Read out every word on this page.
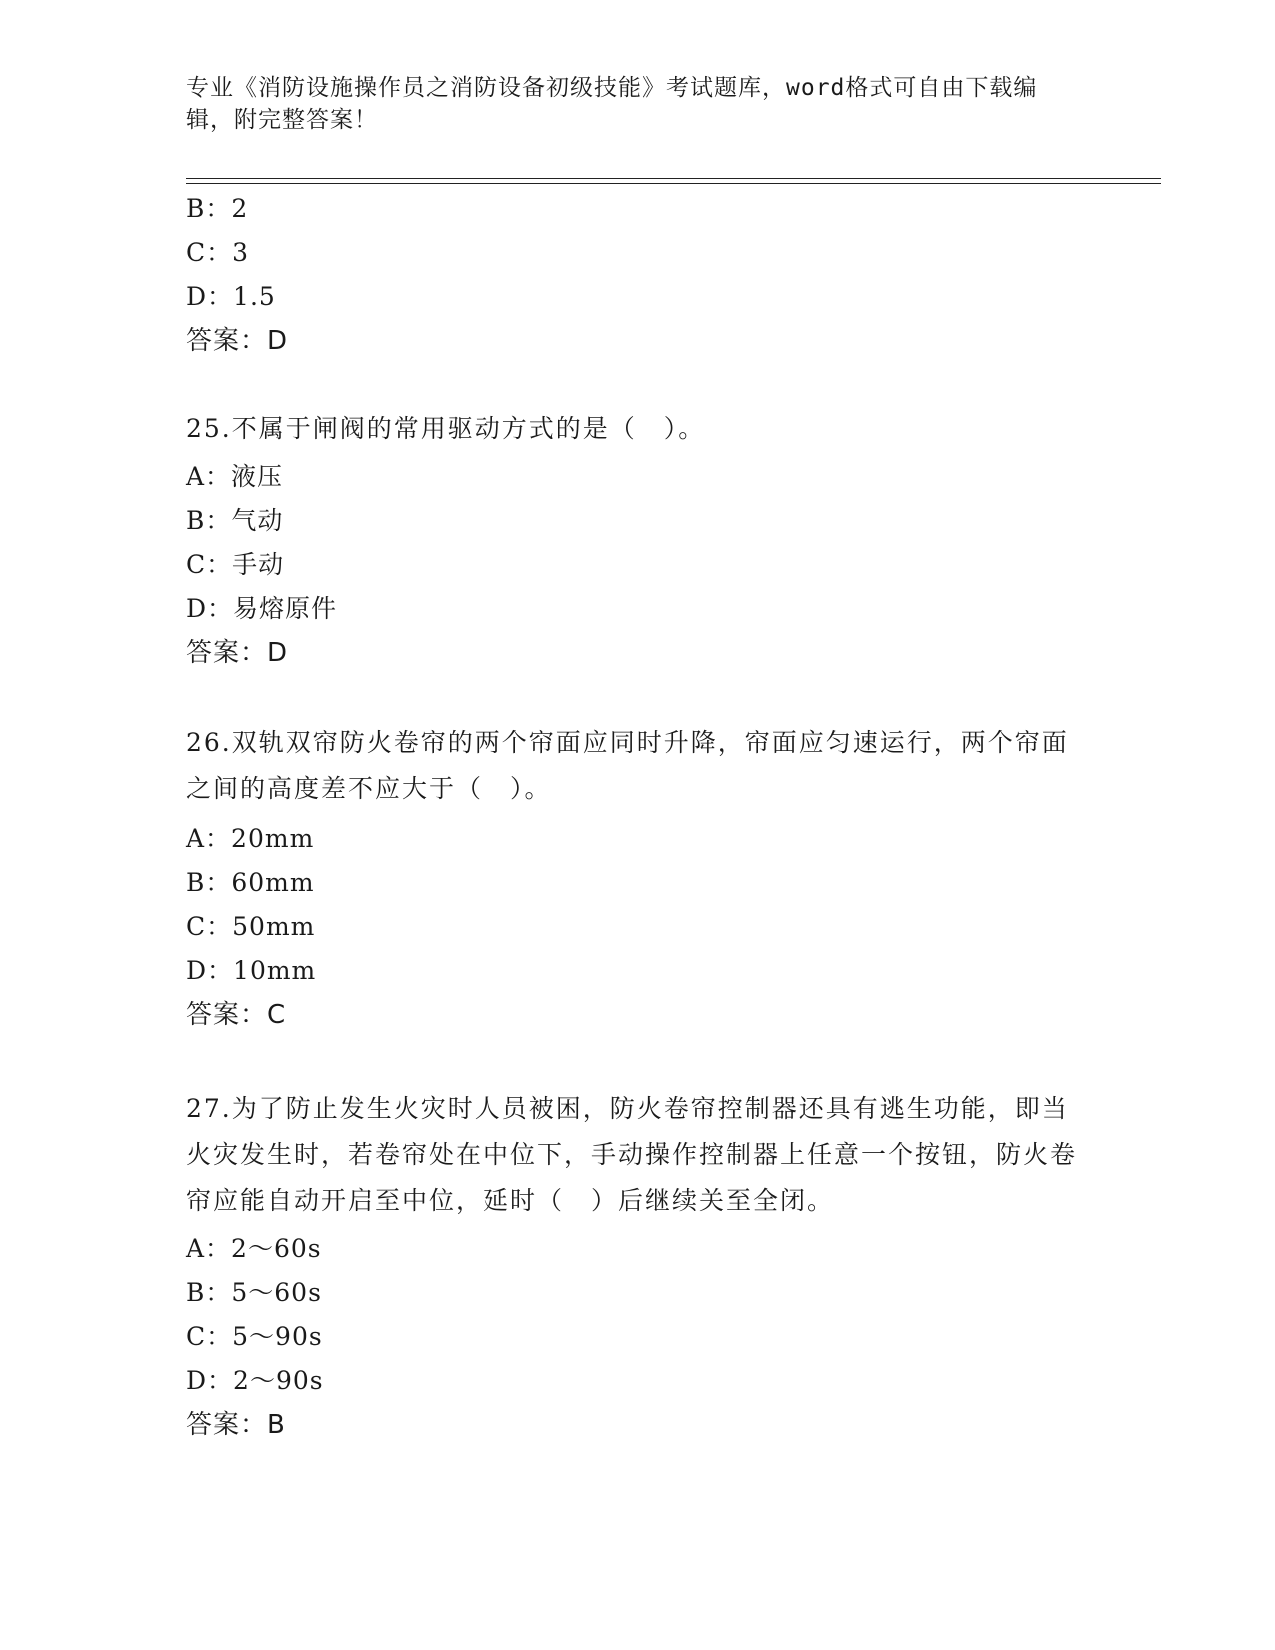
专业《消防设施操作员之消防设备初级技能》考试题库，word格式可自由下载编辑，附完整答案！
B：2
C：3
D：1.5
答案：D
25.不属于闸阀的常用驱动方式的是（　）。
A：液压
B：气动
C：手动
D：易熔原件
答案：D
26.双轨双帘防火卷帘的两个帘面应同时升降，帘面应匀速运行，两个帘面之间的高度差不应大于（　）。
A：20mm
B：60mm
C：50mm
D：10mm
答案：C
27.为了防止发生火灾时人员被困，防火卷帘控制器还具有逃生功能，即当火灾发生时，若卷帘处在中位下，手动操作控制器上任意一个按钮，防火卷帘应能自动开启至中位，延时（　）后继续关至全闭。
A：2～60s
B：5～60s
C：5～90s
D：2～90s
答案：B
